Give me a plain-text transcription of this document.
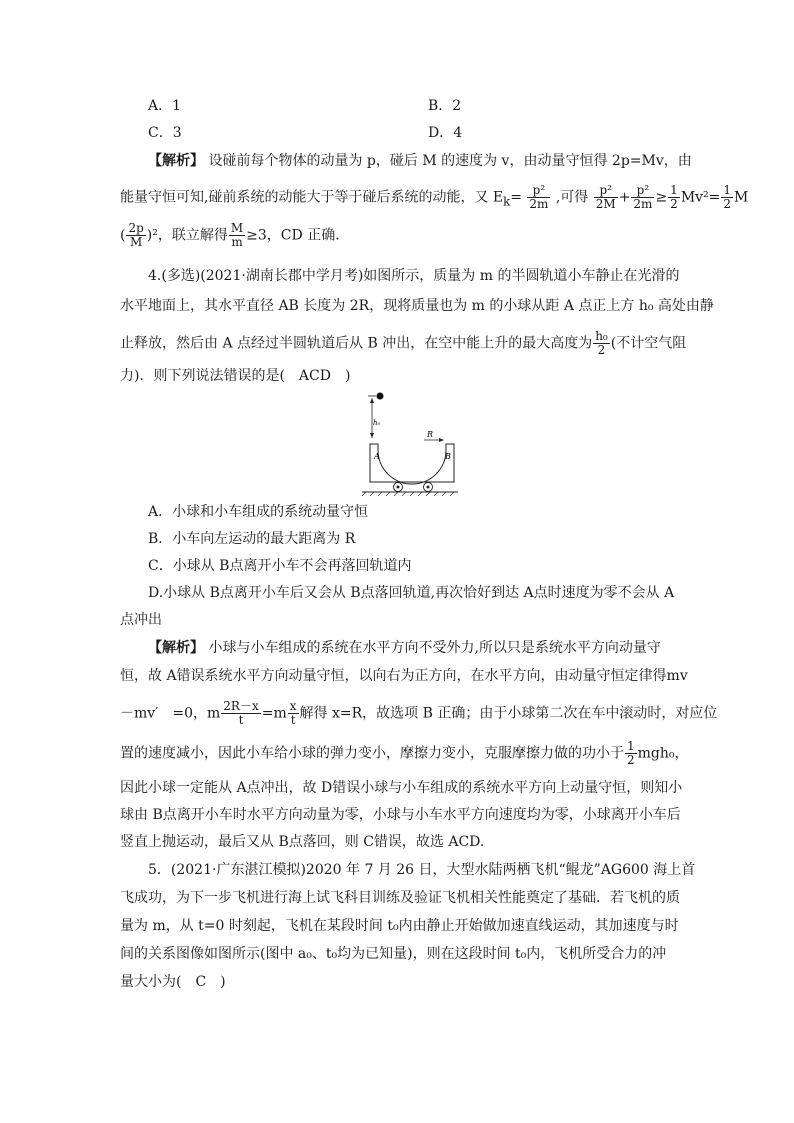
A．1	B．2
C．3	D．4
【解析】 设碰前每个物体的动量为 p，碰后 M 的速度为 v，由动量守恒得 2p=Mv，由
能量守恒可知,碰前系统的动能大于等于碰后系统的动能，又 $E_k= \frac{\text{p²}}{2m}$ ,可得 $\frac{\text{p²}}{2M} + \frac{\text{p²}}{2m} \ge \frac{1}{2} Mv^2= \frac{1}{2}$ M
( $\frac{2p}{M} )^2$，联立解得 $\frac{M}{m} \ge 3$，CD 正确.
4.(多选)(2021·湖南长郡中学月考)如图所示，质量为 m 的半圆轨道小车静止在光滑的
水平地面上，其水平直径 AB 长度为 2R，现将质量也为 m 的小球从距 A 点正上方 h₀ 高处由静
止释放，然后由 A 点经过半圆轨道后从 B 冲出，在空中能上升的最大高度为 $\frac{\text{h₀}}{2}$ (不计空气阻
力)．则下列说法错误的是(　ACD　)
h₀
R
A	B
A．小球和小车组成的系统动量守恒
B．小车向左运动的最大距离为 R
C．小球从 B点离开小车不会再落回轨道内
D.小球从 B点离开小车后又会从 B点落回轨道,再次恰好到达 A点时速度为零不会从 A
点冲出
【解析】 小球与小车组成的系统在水平方向不受外力,所以只是系统水平方向动量守
恒，故 A错误系统水平方向动量守恒，以向右为正方向，在水平方向，由动量守恒定律得mv
－mv′　=0，m $\frac{2R-x}{t} =m \frac{x}{t}$ 解得 x=R，故选项 B 正确；由于小球第二次在车中滚动时，对应位
置的速度减小，因此小车给小球的弹力变小，摩擦力变小，克服摩擦力做的功小于 $\frac{1}{2} mgh_0$，
因此小球一定能从 A点冲出，故 D错误小球与小车组成的系统水平方向上动量守恒，则知小
球由 B点离开小车时水平方向动量为零，小球与小车水平方向速度均为零，小球离开小车后
竖直上抛运动，最后又从 B点落回，则 C错误，故选 ACD.
5．(2021·广东湛江模拟)2020 年 7 月 26 日，大型水陆两栖飞机“鲲龙”AG600 海上首
飞成功，为下一步飞机进行海上试飞科目训练及验证飞机相关性能奠定了基础．若飞机的质
量为 m，从 t=0 时刻起，飞机在某段时间 t₀内由静止开始做加速直线运动，其加速度与时
间的关系图像如图所示(图中 a₀、t₀均为已知量)，则在这段时间 t₀内，飞机所受合力的冲
量大小为(　C　)
